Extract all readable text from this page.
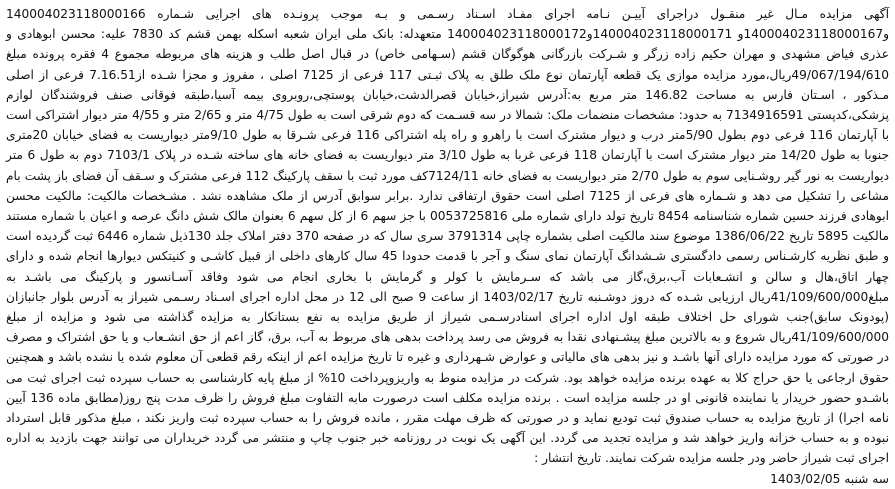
آگهی مزایده مـال غیر منقـول دراجرای آییـن نـامه اجرای مفـاد اسـناد رسـمی و بـه موجب پرونـده های اجرایی شـماره 140004023118000166 و140004023118000167و 140004023118000171و140004023118000172 متعهدله: بانک ملی ایران شعبه اسکله بهمن قشم کد 7830 علیه: محسن ابوهادی و عذری فیاض مشهدی و مهران حکیم زاده زرگر و شـرکت بازرگانی هوگوگان قشم (سـهامی خاص) در قبال اصل طلب و هزینه های مربوطه مجموع 4 فقره پرونده مبلغ 49/067/194/610ریال،مورد مزایده موازی یک قطعه آپارتمان نوع ملک طلق به پلاک ثبـتی 117 فرعی از 7125 اصلی ، مفروز و مجزا شـده از7.16.51 فرعی از اصلی مـذکور ، اسـتان فارس به مساحت 146.82 متر مربع به:آدرس شیراز،خیابان قصرالدشت،خیابان پوستچی،روبروی بیمه آسیا،طبقه فوقانی صنف فروشندگان لوازم پزشکی،کدپستی 7134916591 به حدود: مشخصات منضمات ملک: شمالا در سه قسـمت که دوم شرقی است به طول 4/75 متر و 2/65 متر و 4/55 متر دیوار اشتراکی است با آپارتمان 116 فرعی دوم بطول 5/90متر درب و دیوار مشترک است با راهرو و راه پله اشتراکی 116 فرعی شـرقا به طول 9/10متر دیواریست به فضای خیابان 20متری جنوبا به طول 14/20 متر دیوار مشترک است با آپارتمان 118 فرعی غربا به طول 3/10 متر دیواریست به فضای خانه های ساخته شـده در پلاک 7103/1 دوم به طول 6 متر دیواریست به نور گیر روشـنایی سوم به طول 2/70 متر دیواریست به فضای خانه 7124/11کف مورد ثبت با سقف پارکینگ 112 فرعی مشترک و سـقف آن فضای باز پشت بام مشاعی را تشکیل می دهد و شـماره های فرعی از 7125 اصلی است حقوق ارتفاقی ندارد .برابر سوابق آدرس از ملک مشاهده نشد . مشـخصات مالکیت: مالکیت محسن ابوهادی فرزند حسین شماره شناسنامه 8454 تاریخ تولد دارای شماره ملی 0053725816 با جز سهم 6 از کل سهم 6 بعنوان مالک شش دانگ عرصه و اعیان با شماره مستند مالکیت 5895 تاریخ 1386/06/22 موضوع سند مالکیت اصلی بشماره چاپی 3791314 سری سال که در صفحه 370 دفتر املاک جلد 130ذیل شماره 6446 ثبت گردیده است و طبق نظریه کارشـناس رسمی دادگستری شـشدانگ آپارتمان نمای سنگ و آجر با قدمت حدودا 45 سال کارهای داخلی از قبیل کاشـی و کنیتکس دیوارها انجام شده و دارای چهار اتاق،هال و سالن و انشـعابات آب،برق،گاز می باشد که سـرمایش با کولر و گرمایش با بخاری انجام می شود وفاقد آسـانسور و پارکینگ می باشـد به مبلغ41/109/600/000ریال ارزیابی شـده که دروز دوشـنبه تاریخ 1403/02/17 از ساعت 9 صبح الی 12 در محل اداره اجرای اسـناد رسـمی شیراز به آدرس بلوار جانبازان (پودونک سابق)جنب شورای حل اختلاف طبقه اول اداره اجرای اسنادرسـمی شیراز از طریق مزایده به نفع بستانکار به مزایده گذاشته می شود و مزایده از مبلغ 41/109/600/000ریال شروع و به بالاترین مبلغ پیشـنهادی نقدا به فروش می رسد پرداخت بدهی های مربوط به آب، برق، گاز اعم از حق انشـعاب و یا حق اشتراک و مصرف در صورتی که مورد مزایده دارای آنها باشـد و نیز بدهی های مالیاتی و عوارض شـهرداری و غیره تا تاریخ مزایده اعم از اینکه رقم قطعی آن معلوم شده یا نشده باشد و همچنین حقوق ارجاعی یا حق حراج کلا به عهده برنده مزایده خواهد بود. شرکت در مزایده منوط به واریزوپرداخت 10% از مبلغ پایه کارشناسی به حساب سپرده ثبت اجرای ثبت می باشـدو حضور خریدار یا نماینده قانونی او در جلسه مزایده است . برنده مزایده مکلف است درصورت مابه التفاوت مبلغ فروش را ظرف مدت پنج روز(مطابق ماده 136 آیین نامه اجرا) از تاریخ مزایده به حساب صندوق ثبت تودیع نماید و در صورتی که ظرف مهلت مقرر ، مانده فروش را به حساب سپرده ثبت واریز نکند ، مبلغ مذکور قابل استرداد نبوده و به حساب خزانه واریز خواهد شد و مزایده تجدید می گردد. این آگهی یک نوبت در روزنامه خبر جنوب چاپ و منتشر می گردد خریداران می توانند جهت بازدید به اداره اجرای ثبت شیراز حاضر ودر جلسه مزایده شرکت نمایند. تاریخ انتشار :

سه شنبه 1403/02/05
